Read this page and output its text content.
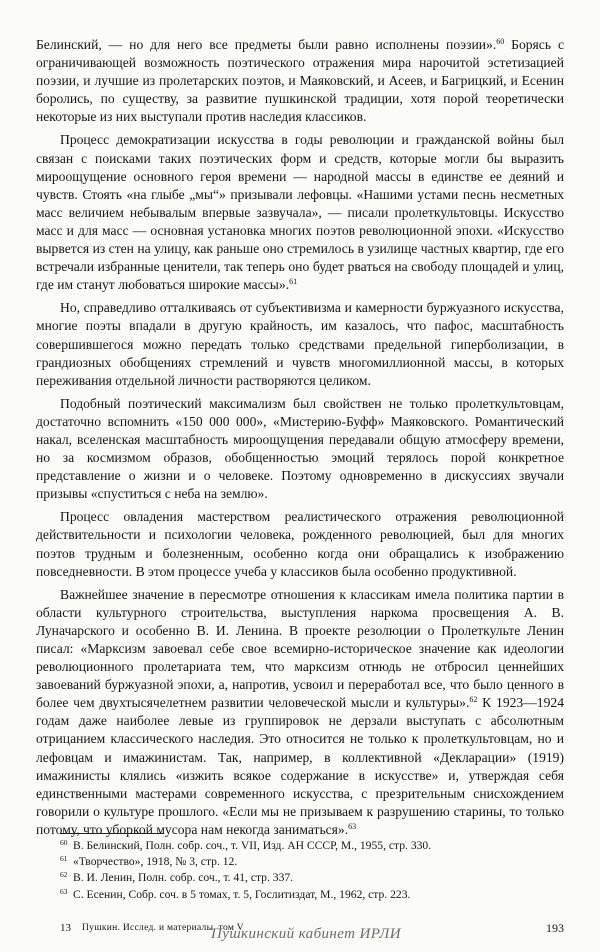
Белинский, — но для него все предметы были равно исполнены поэзии».$^{60}$ Борясь с ограничивающей возможность поэтического отражения мира нарочитой эстетизацией поэзии, и лучшие из пролетарских поэтов, и Маяковский, и Асеев, и Багрицкий, и Есенин боролись, по существу, за развитие пушкинской традиции, хотя порой теоретически некоторые из них выступали против наследия классиков.

Процесс демократизации искусства в годы революции и гражданской войны был связан с поисками таких поэтических форм и средств, которые могли бы выразить мироощущение основного героя времени — народной массы в единстве ее деяний и чувств. Стоять «на глыбе „мы“» призывали лефовцы. «Нашими устами песнь несметных масс величием небывалым впервые зазвучала», — писали пролеткультовцы. Искусство масс и для масс — основная установка многих поэтов революционной эпохи. «Искусство вырвется из стен на улицу, как раньше оно стремилось в узилище частных квартир, где его встречали избранные ценители, так теперь оно будет рваться на свободу площадей и улиц, где им станут любоваться широкие массы».$^{61}$

Но, справедливо отталкиваясь от субъективизма и камерности буржуазного искусства, многие поэты впадали в другую крайность, им казалось, что пафос, масштабность совершившегося можно передать только средствами предельной гиперболизации, в грандиозных обобщениях стремлений и чувств многомиллионной массы, в которых переживания отдельной личности растворяются целиком.

Подобный поэтический максимализм был свойствен не только пролеткультовцам, достаточно вспомнить «150 000 000», «Мистерию-Буфф» Маяковского. Романтический накал, вселенская масштабность мироощущения передавали общую атмосферу времени, но за космизмом образов, обобщенностью эмоций терялось порой конкретное представление о жизни и о человеке. Поэтому одновременно в дискуссиях звучали призывы «спуститься с неба на землю».

Процесс овладения мастерством реалистического отражения революционной действительности и психологии человека, рожденного революцией, был для многих поэтов трудным и болезненным, особенно когда они обращались к изображению повседневности. В этом процессе учеба у классиков была особенно продуктивной.

Важнейшее значение в пересмотре отношения к классикам имела политика партии в области культурного строительства, выступления наркома просвещения А. В. Луначарского и особенно В. И. Ленина. В проекте резолюции о Пролеткульте Ленин писал: «Марксизм завоевал себе свое всемирно-историческое значение как идеологии революционного пролетариата тем, что марксизм отнюдь не отбросил ценнейших завоеваний буржуазной эпохи, а, напротив, усвоил и переработал все, что было ценного в более чем двухтысячелетнем развитии человеческой мысли и культуры».$^{62}$ К 1923—1924 годам даже наиболее левые из группировок не дерзали выступать с абсолютным отрицанием классического наследия. Это относится не только к пролеткультовцам, но и лефовцам и имажинистам. Так, например, в коллективной «Декларации» (1919) имажинисты клялись «изжить всякое содержание в искусстве» и, утверждая себя единственными мастерами современного искусства, с презрительным снисхождением говорили о культуре прошлого. «Если мы не призываем к разрушению старины, то только потому, что уборкой мусора нам некогда заниматься».$^{63}$

60 В. Белинский, Полн. собр. соч., т. VII, Изд. АН СССР, М., 1955, стр. 330.
61 «Творчество», 1918, № 3, стр. 12.
62 В. И. Ленин, Полн. собр. соч., т. 41, стр. 337.
63 С. Есенин, Собр. соч. в 5 томах, т. 5, Гослитиздат, М., 1962, стр. 223.
13 Пушкин. Исслед. и материалы, том V	193
Пушкинский кабинет ИРЛИ
